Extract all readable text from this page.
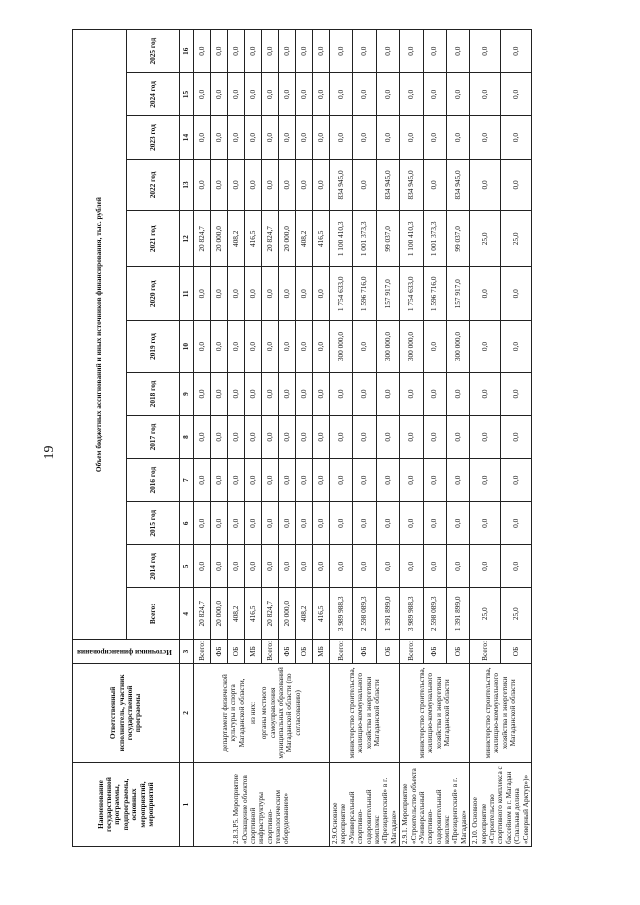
19
Наименование государственной программы, подпрограммы, основных мероприятий, мероприятий	Ответственный исполнитель, участник государственной программы	Источники финансирования	Объем бюджетных ассигнований и иных источников финансирования, тыс. рублей												
			Всего:	2014 год	2015 год	2016 год	2017 год	2018 год	2019 год	2020 год	2021 год	2022 год	2023 год	2024 год	2025 год
1	2	3	4	5	6	7	8	9	10	11	12	13	14	15	16
2.8.3.Р5. Мероприятие «Оснащение объектов спортивной инфраструктуры спортивно-технологическим оборудованием»	департамент физической культуры и спорта Магаданской области, из них: органы местного самоуправления муниципальных образований Магаданской области (по согласованию)	Всего:	20 824,7	0,0	0,0	0,0	0,0	0,0	0,0	0,0	20 824,7	0,0	0,0	0,0	0,0
		ФБ	20 000,0	0,0	0,0	0,0	0,0	0,0	0,0	0,0	20 000,0	0,0	0,0	0,0	0,0
		ОБ	408,2	0,0	0,0	0,0	0,0	0,0	0,0	0,0	408,2	0,0	0,0	0,0	0,0
		МБ	416,5	0,0	0,0	0,0	0,0	0,0	0,0	0,0	416,5	0,0	0,0	0,0	0,0
		Всего:	20 824,7	0,0	0,0	0,0	0,0	0,0	0,0	0,0	20 824,7	0,0	0,0	0,0	0,0
		ФБ	20 000,0	0,0	0,0	0,0	0,0	0,0	0,0	0,0	20 000,0	0,0	0,0	0,0	0,0
		ОБ	408,2	0,0	0,0	0,0	0,0	0,0	0,0	0,0	408,2	0,0	0,0	0,0	0,0
		МБ	416,5	0,0	0,0	0,0	0,0	0,0	0,0	0,0	416,5	0,0	0,0	0,0	0,0
2.9.Основное мероприятие «Универсальный спортивно-оздоровительный комплекс «Президентский» в г. Магадане»	министерство строительства, жилищно-коммунального хозяйства и энергетики Магаданской области	Всего:	3 989 988,3	0,0	0,0	0,0	0,0	0,0	300 000,0	1 754 633,0	1 100 410,3	834 945,0	0,0	0,0	0,0
		ФБ	2 598 089,3	0,0	0,0	0,0	0,0	0,0	0,0	1 596 716,0	1 001 373,3	0,0	0,0	0,0	0,0
		ОБ	1 391 899,0	0,0	0,0	0,0	0,0	0,0	300 000,0	157 917,0	99 037,0	834 945,0	0,0	0,0	0,0
2.9.1. Мероприятие «Строительство объекта «Универсальный спортивно-оздоровительный комплекс «Президентский» в г. Магадане»	министерство строительства, жилищно-коммунального хозяйства и энергетики Магаданской области	Всего:	3 989 988,3	0,0	0,0	0,0	0,0	0,0	300 000,0	1 754 633,0	1 100 410,3	834 945,0	0,0	0,0	0,0
		ФБ	2 598 089,3	0,0	0,0	0,0	0,0	0,0	0,0	1 596 716,0	1 001 373,3	0,0	0,0	0,0	0,0
		ОБ	1 391 899,0	0,0	0,0	0,0	0,0	0,0	300 000,0	157 917,0	99 037,0	834 945,0	0,0	0,0	0,0
2.10. Основное мероприятие «Строительство спортивного комплекса с бассейном в г. Магадан (Спальная долина «Северный Арктур»)»	министерство строительства, жилищно-коммунального хозяйства и энергетики Магаданской области	Всего:	25,0	0,0	0,0	0,0	0,0	0,0	0,0	0,0	25,0	0,0	0,0	0,0	0,0
		ОБ	25,0	0,0	0,0	0,0	0,0	0,0	0,0	0,0	25,0	0,0	0,0	0,0	0,0
